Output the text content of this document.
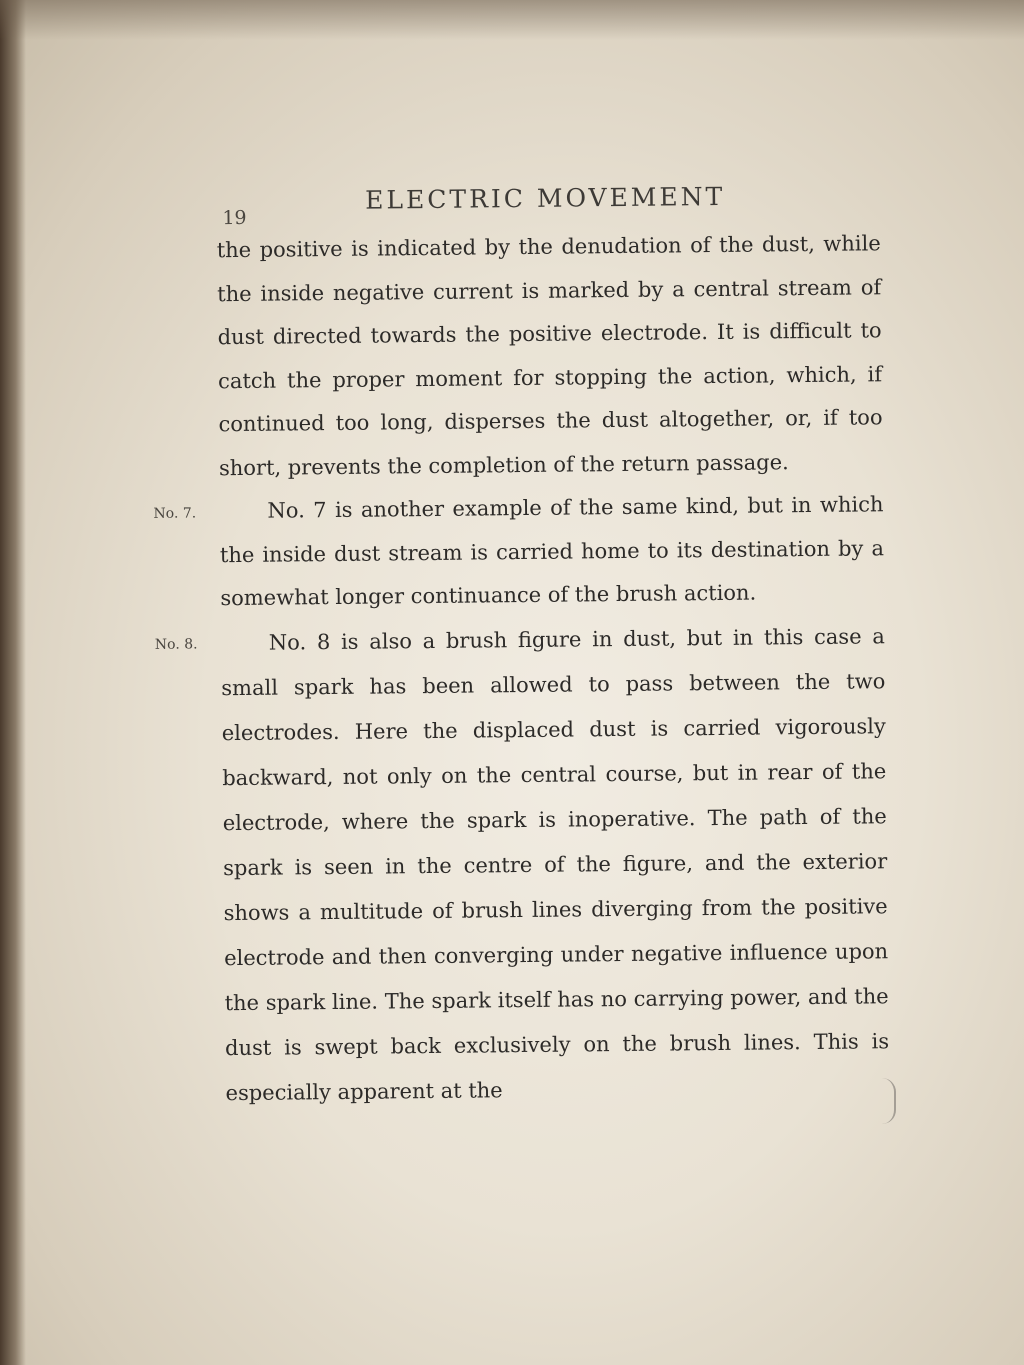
19
ELECTRIC MOVEMENT

the positive is indicated by the denudation of the dust, while the inside negative current is marked by a central stream of dust directed towards the positive electrode. It is difficult to catch the proper moment for stopping the action, which, if continued too long, disperses the dust altogether, or, if too short, prevents the completion of the return passage.

No. 7.	No. 7 is another example of the same kind, but in which the inside dust stream is carried home to its destination by a somewhat longer continuance of the brush action.

No. 8.	No. 8 is also a brush figure in dust, but in this case a small spark has been allowed to pass between the two electrodes. Here the displaced dust is carried vigorously backward, not only on the central course, but in rear of the electrode, where the spark is inoperative. The path of the spark is seen in the centre of the figure, and the exterior shows a multitude of brush lines diverging from the positive electrode and then converging under negative influence upon the spark line. The spark itself has no carrying power, and the dust is swept back exclusively on the brush lines. This is especially apparent at the
